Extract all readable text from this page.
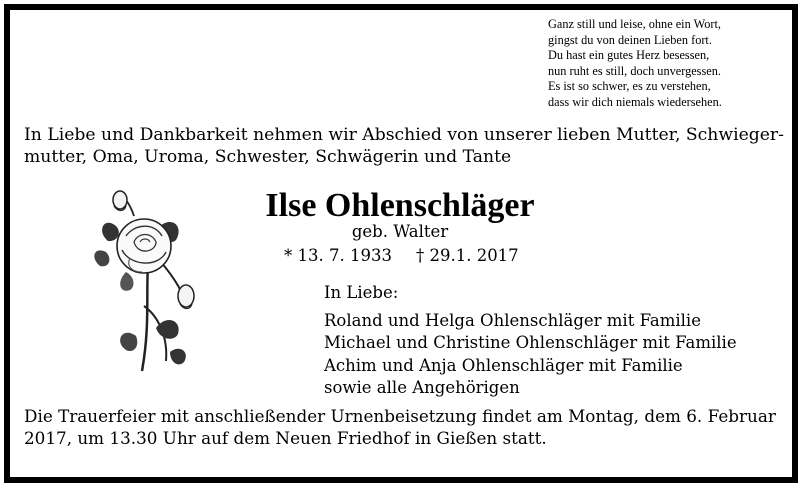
Ganz still und leise, ohne ein Wort,
gingst du von deinen Lieben fort.
Du hast ein gutes Herz besessen,
nun ruht es still, doch unvergessen.
Es ist so schwer, es zu verstehen,
dass wir dich niemals wiedersehen.
In Liebe und Dankbarkeit nehmen wir Abschied von unserer lieben Mutter, Schwieger-
mutter, Oma, Uroma, Schwester, Schwägerin und Tante
Ilse Ohlenschläger
geb. Walter
* 13. 7. 1933 † 29.1. 2017
In Liebe:
Roland und Helga Ohlenschläger mit Familie
Michael und Christine Ohlenschläger mit Familie
Achim und Anja Ohlenschläger mit Familie
sowie alle Angehörigen
Die Trauerfeier mit anschließender Urnenbeisetzung findet am Montag, dem 6. Februar
2017, um 13.30 Uhr auf dem Neuen Friedhof in Gießen statt.
